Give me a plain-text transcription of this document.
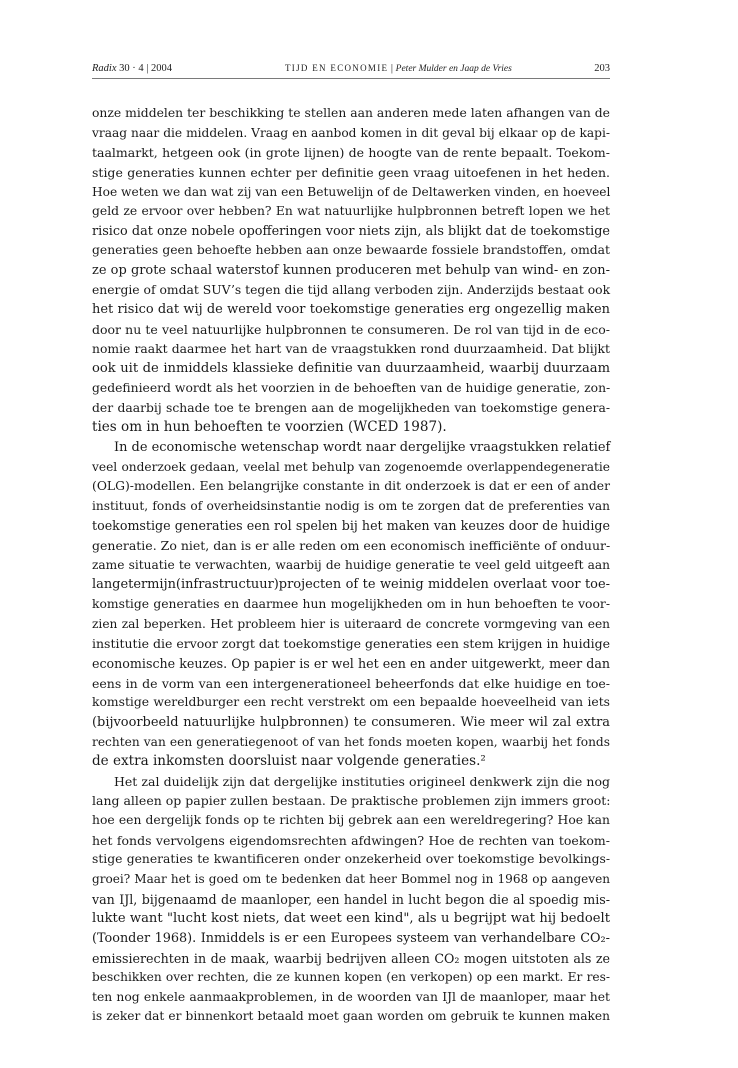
Radix 30 · 4 | 2004	TIJD EN ECONOMIE | Peter Mulder en Jaap de Vries	203
onze middelen ter beschikking te stellen aan anderen mede laten afhangen van de
vraag naar die middelen. Vraag en aanbod komen in dit geval bij elkaar op de kapi-
taalmarkt, hetgeen ook (in grote lijnen) de hoogte van de rente bepaalt. Toekom-
stige generaties kunnen echter per definitie geen vraag uitoefenen in het heden.
Hoe weten we dan wat zij van een Betuwelijn of de Deltawerken vinden, en hoeveel
geld ze ervoor over hebben? En wat natuurlijke hulpbronnen betreft lopen we het
risico dat onze nobele opofferingen voor niets zijn, als blijkt dat de toekomstige
generaties geen behoefte hebben aan onze bewaarde fossiele brandstoffen, omdat
ze op grote schaal waterstof kunnen produceren met behulp van wind- en zon-
energie of omdat SUV’s tegen die tijd allang verboden zijn. Anderzijds bestaat ook
het risico dat wij de wereld voor toekomstige generaties erg ongezellig maken
door nu te veel natuurlijke hulpbronnen te consumeren. De rol van tijd in de eco-
nomie raakt daarmee het hart van de vraagstukken rond duurzaamheid. Dat blijkt
ook uit de inmiddels klassieke definitie van duurzaamheid, waarbij duurzaam
gedefinieerd wordt als het voorzien in de behoeften van de huidige generatie, zon-
der daarbij schade toe te brengen aan de mogelijkheden van toekomstige genera-
ties om in hun behoeften te voorzien (WCED 1987).
In de economische wetenschap wordt naar dergelijke vraagstukken relatief
veel onderzoek gedaan, veelal met behulp van zogenoemde overlappendegeneratie
(OLG)-modellen. Een belangrijke constante in dit onderzoek is dat er een of ander
instituut, fonds of overheidsinstantie nodig is om te zorgen dat de preferenties van
toekomstige generaties een rol spelen bij het maken van keuzes door de huidige
generatie. Zo niet, dan is er alle reden om een economisch inefficiënte of onduur-
zame situatie te verwachten, waarbij de huidige generatie te veel geld uitgeeft aan
langetermijn(infrastructuur)projecten of te weinig middelen overlaat voor toe-
komstige generaties en daarmee hun mogelijkheden om in hun behoeften te voor-
zien zal beperken. Het probleem hier is uiteraard de concrete vormgeving van een
institutie die ervoor zorgt dat toekomstige generaties een stem krijgen in huidige
economische keuzes. Op papier is er wel het een en ander uitgewerkt, meer dan
eens in de vorm van een intergenerationeel beheerfonds dat elke huidige en toe-
komstige wereldburger een recht verstrekt om een bepaalde hoeveelheid van iets
(bijvoorbeeld natuurlijke hulpbronnen) te consumeren. Wie meer wil zal extra
rechten van een generatiegenoot of van het fonds moeten kopen, waarbij het fonds
de extra inkomsten doorsluist naar volgende generaties.²
Het zal duidelijk zijn dat dergelijke instituties origineel denkwerk zijn die nog
lang alleen op papier zullen bestaan. De praktische problemen zijn immers groot:
hoe een dergelijk fonds op te richten bij gebrek aan een wereldregering? Hoe kan
het fonds vervolgens eigendomsrechten afdwingen? Hoe de rechten van toekom-
stige generaties te kwantificeren onder onzekerheid over toekomstige bevolkings-
groei? Maar het is goed om te bedenken dat heer Bommel nog in 1968 op aangeven
van IJl, bijgenaamd de maanloper, een handel in lucht begon die al spoedig mis-
lukte want "lucht kost niets, dat weet een kind", als u begrijpt wat hij bedoelt
(Toonder 1968). Inmiddels is er een Europees systeem van verhandelbare CO₂-
emissierechten in de maak, waarbij bedrijven alleen CO₂ mogen uitstoten als ze
beschikken over rechten, die ze kunnen kopen (en verkopen) op een markt. Er res-
ten nog enkele aanmaakproblemen, in de woorden van IJl de maanloper, maar het
is zeker dat er binnenkort betaald moet gaan worden om gebruik te kunnen maken
